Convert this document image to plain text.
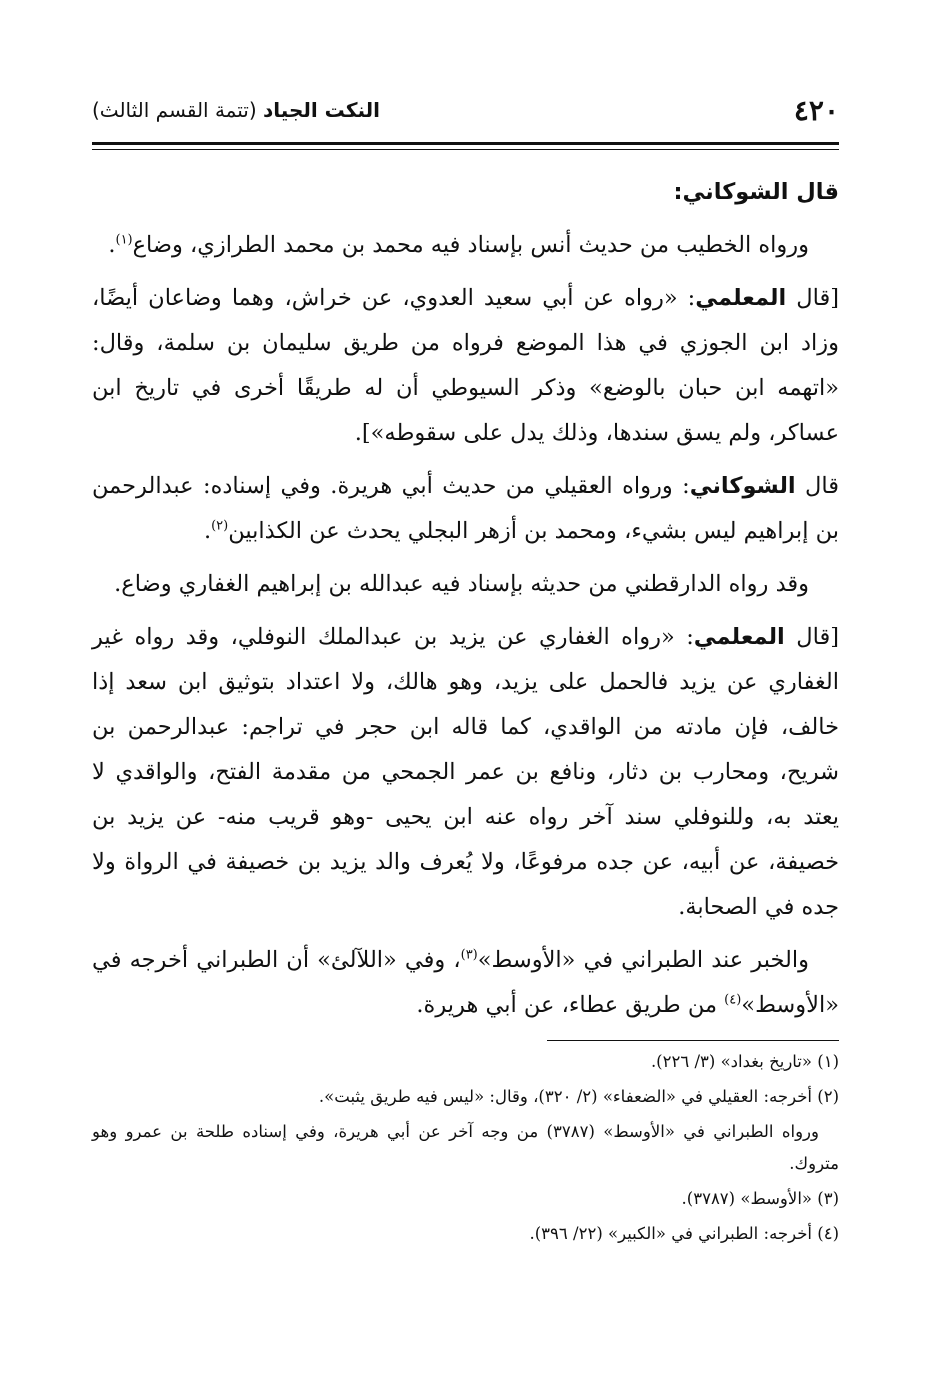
٤٢٠
النكت الجياد (تتمة القسم الثالث)

قال الشوكاني:

ورواه الخطيب من حديث أنس بإسناد فيه محمد بن محمد الطرازي، وضاع$^{(١)}$.

[قال المعلمي: «رواه عن أبي سعيد العدوي، عن خراش، وهما وضاعان أيضًا، وزاد ابن الجوزي في هذا الموضع فرواه من طريق سليمان بن سلمة، وقال: «اتهمه ابن حبان بالوضع» وذكر السيوطي أن له طريقًا أخرى في تاريخ ابن عساكر، ولم يسق سندها، وذلك يدل على سقوطه»].

قال الشوكاني: ورواه العقيلي من حديث أبي هريرة. وفي إسناده: عبدالرحمن بن إبراهيم ليس بشيء، ومحمد بن أزهر البجلي يحدث عن الكذابين$^{(٢)}$.

وقد رواه الدارقطني من حديثه بإسناد فيه عبدالله بن إبراهيم الغفاري وضاع.

[قال المعلمي: «رواه الغفاري عن يزيد بن عبدالملك النوفلي، وقد رواه غير الغفاري عن يزيد فالحمل على يزيد، وهو هالك، ولا اعتداد بتوثيق ابن سعد إذا خالف، فإن مادته من الواقدي، كما قاله ابن حجر في تراجم: عبدالرحمن بن شريح، ومحارب بن دثار، ونافع بن عمر الجمحي من مقدمة الفتح، والواقدي لا يعتد به، وللنوفلي سند آخر رواه عنه ابن يحيى -وهو قريب منه- عن يزيد بن خصيفة، عن أبيه، عن جده مرفوعًا، ولا يُعرف والد يزيد بن خصيفة في الرواة ولا جده في الصحابة.

والخبر عند الطبراني في «الأوسط»$^{(٣)}$، وفي «اللآلئ» أن الطبراني أخرجه في «الأوسط»$^{(٤)}$ من طريق عطاء، عن أبي هريرة.

(١) «تاريخ بغداد» (٣/ ٢٢٦).

(٢) أخرجه: العقيلي في «الضعفاء» (٢/ ٣٢٠)، وقال: «ليس فيه طريق يثبت».

ورواه الطبراني في «الأوسط» (٣٧٨٧) من وجه آخر عن أبي هريرة، وفي إسناده طلحة بن عمرو وهو متروك.

(٣) «الأوسط» (٣٧٨٧).

(٤) أخرجه: الطبراني في «الكبير» (٢٢/ ٣٩٦).
